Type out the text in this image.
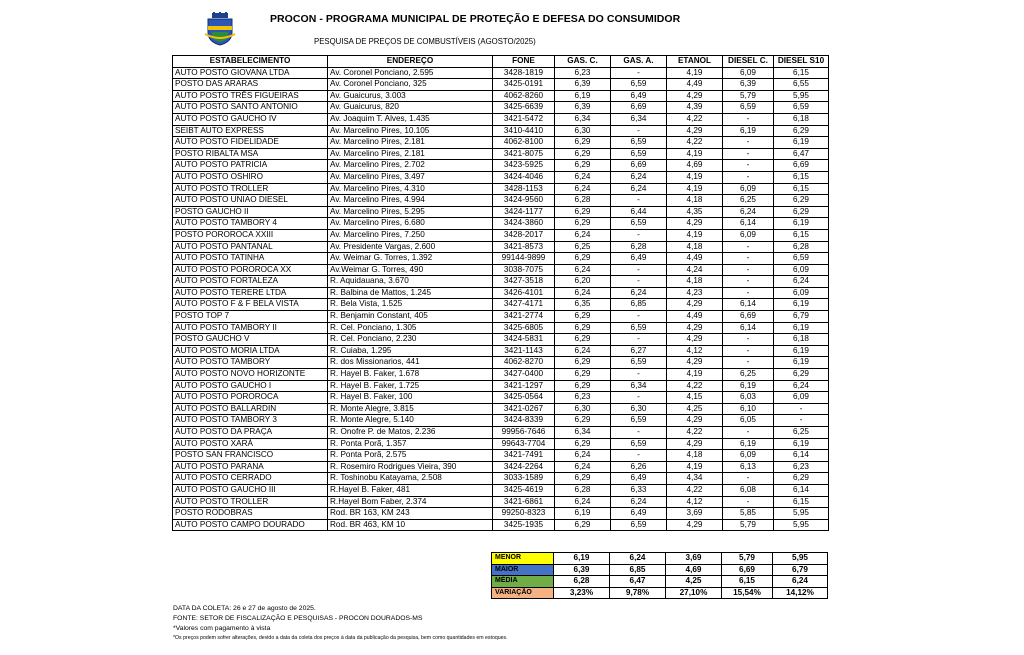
PROCON - PROGRAMA MUNICIPAL DE PROTEÇÃO E DEFESA DO CONSUMIDOR
PESQUISA DE PREÇOS DE COMBUSTÍVEIS (AGOSTO/2025)
ESTABELECIMENTO	ENDEREÇO	FONE	GAS. C.	GAS. A.	ETANOL	DIESEL C.	DIESEL S10
AUTO POSTO GIOVANA LTDA	Av. Coronel Ponciano, 2.595	3428-1819	6,23	-	4,19	6,09	6,15
POSTO DAS ARARAS	Av. Coronel Ponciano, 325	3425-0191	6,39	6,59	4,49	6,39	6,55
AUTO POSTO TRÊS FIGUEIRAS	Av. Guaicurus, 3.003	4062-8260	6,19	6,49	4,29	5,79	5,95
AUTO POSTO SANTO ANTONIO	Av. Guaicurus, 820	3425-6639	6,39	6,69	4,39	6,59	6,59
AUTO POSTO GAUCHO IV	Av. Joaquim T. Alves, 1.435	3421-5472	6,34	6,34	4,22	-	6,18
SEIBT AUTO EXPRESS	Av. Marcelino Pires, 10.105	3410-4410	6,30	-	4,29	6,19	6,29
AUTO POSTO FIDELIDADE	Av. Marcelino Pires, 2.181	4062-8100	6,29	6,59	4,22	-	6,19
POSTO RIBALTA MSA	Av. Marcelino Pires, 2.181	3421-8075	6,29	6,59	4,19	-	6,47
AUTO POSTO PATRICIA	Av. Marcelino Pires, 2.702	3423-5925	6,29	6,69	4,69	-	6,69
AUTO POSTO OSHIRO	Av. Marcelino Pires, 3.497	3424-4046	6,24	6,24	4,19	-	6,15
AUTO POSTO TROLLER	Av. Marcelino Pires, 4.310	3428-1153	6,24	6,24	4,19	6,09	6,15
AUTO POSTO UNIAO DIESEL	Av. Marcelino Pires, 4.994	3424-9560	6,28	-	4,18	6,25	6,29
POSTO GAUCHO II	Av. Marcelino Pires, 5.295	3424-1177	6,29	6,44	4,35	6,24	6,29
AUTO POSTO TAMBORY 4	Av. Marcelino Pires, 6.680	3424-3860	6,29	6,59	4,29	6,14	6,19
POSTO POROROCA XXIII	Av. Marcelino Pires, 7.250	3428-2017	6,24	-	4,19	6,09	6,15
AUTO POSTO PANTANAL	Av. Presidente Vargas, 2.600	3421-8573	6,25	6,28	4,18	-	6,28
AUTO POSTO TATINHA	Av. Weimar G. Torres, 1.392	99144-9899	6,29	6,49	4,49	-	6,59
AUTO POSTO POROROCA XX	Av.Weimar G. Torres, 490	3038-7075	6,24	-	4,24	-	6,09
AUTO POSTO FORTALEZA	R. Aquidauana, 3.670	3427-3518	6,20	-	4,18	-	6,24
AUTO POSTO TERERE LTDA	R. Balbina de Mattos, 1.245	3426-4101	6,24	6,24	4,23	-	6,09
AUTO POSTO F & F BELA VISTA	R. Bela Vista, 1.525	3427-4171	6,35	6,85	4,29	6,14	6,19
POSTO TOP 7	R. Benjamin Constant, 405	3421-2774	6,29	-	4,49	6,69	6,79
AUTO POSTO TAMBORY II	R. Cel. Ponciano, 1.305	3425-6805	6,29	6,59	4,29	6,14	6,19
POSTO GAUCHO V	R. Cel. Ponciano, 2.230	3424-5831	6,29	-	4,29	-	6,18
AUTO POSTO MORIA LTDA	R. Cuiaba, 1.295	3421-1143	6,24	6,27	4,12	-	6,19
AUTO POSTO TAMBORY	R. dos Missionarios, 441	4062-8270	6,29	6,59	4,29	-	6,19
AUTO POSTO NOVO HORIZONTE	R. Hayel B. Faker, 1.678	3427-0400	6,29	-	4,19	6,25	6,29
AUTO POSTO GAUCHO I	R. Hayel B. Faker, 1.725	3421-1297	6,29	6,34	4,22	6,19	6,24
AUTO POSTO POROROCA	R. Hayel B. Faker, 100	3425-0564	6,23	-	4,15	6,03	6,09
AUTO POSTO BALLARDIN	R. Monte Alegre, 3.815	3421-0267	6,30	6,30	4,25	6,10	-
AUTO POSTO TAMBORY 3	R. Monte Alegre, 5.140	3424-8339	6,29	6,59	4,29	6,05	-
AUTO POSTO DA PRAÇA	R. Onofre P. de Matos, 2.236	99956-7646	6,34	-	4,22	-	6,25
AUTO POSTO XARÁ	R. Ponta Porã, 1.357	99643-7704	6,29	6,59	4,29	6,19	6,19
POSTO SAN FRANCISCO	R. Ponta Porã, 2.575	3421-7491	6,24	-	4,18	6,09	6,14
AUTO POSTO PARANA	R. Rosemiro Rodrigues Vieira, 390	3424-2264	6,24	6,26	4,19	6,13	6,23
AUTO POSTO CERRADO	R. Toshinobu Katayama, 2.508	3033-1589	6,29	6,49	4,34	-	6,29
AUTO POSTO GAUCHO III	R.Hayel B. Faker, 481	3425-4619	6,28	6,33	4,22	6,08	6,14
AUTO POSTO TROLLER	R.Hayel Bom Faber, 2.374	3421-6861	6,24	6,24	4,12	-	6,15
POSTO RODOBRAS	Rod. BR 163, KM 243	99250-8323	6,19	6,49	3,69	5,85	5,95
AUTO POSTO CAMPO DOURADO	Rod. BR 463, KM 10	3425-1935	6,29	6,59	4,29	5,79	5,95
MENOR	6,19	6,24	3,69	5,79	5,95
MAIOR	6,39	6,85	4,69	6,69	6,79
MÉDIA	6,28	6,47	4,25	6,15	6,24
VARIAÇÃO	3,23%	9,78%	27,10%	15,54%	14,12%
DATA DA COLETA: 26 e 27 de agosto de 2025.
FONTE: SETOR DE FISCALIZAÇÃO E PESQUISAS - PROCON DOURADOS-MS
*Valores com pagamento à vista
*Os preços podem sofrer alterações, devido a data da coleta dos preços à data da publicação da pesquisa, bem como quantidades em estoques.
